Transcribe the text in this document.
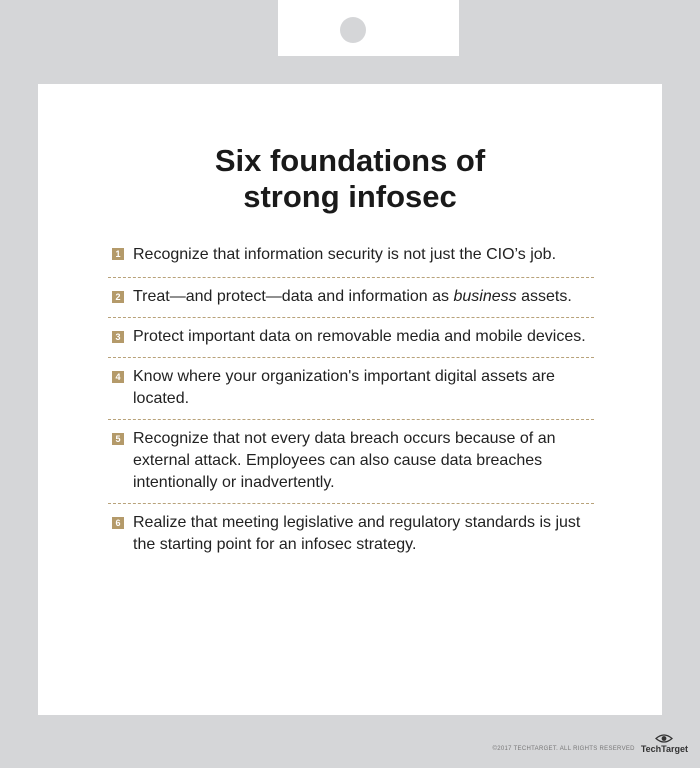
Six foundations of
strong infosec
1 Recognize that information security is not just the CIO’s job.
2 Treat—and protect—data and information as business assets.
3 Protect important data on removable media and mobile devices.
4 Know where your organization's important digital assets are located.
5 Recognize that not every data breach occurs because of an external attack. Employees can also cause data breaches intentionally or inadvertently.
6 Realize that meeting legislative and regulatory standards is just the starting point for an infosec strategy.
©2017 TECHTARGET. ALL RIGHTS RESERVED TechTarget
